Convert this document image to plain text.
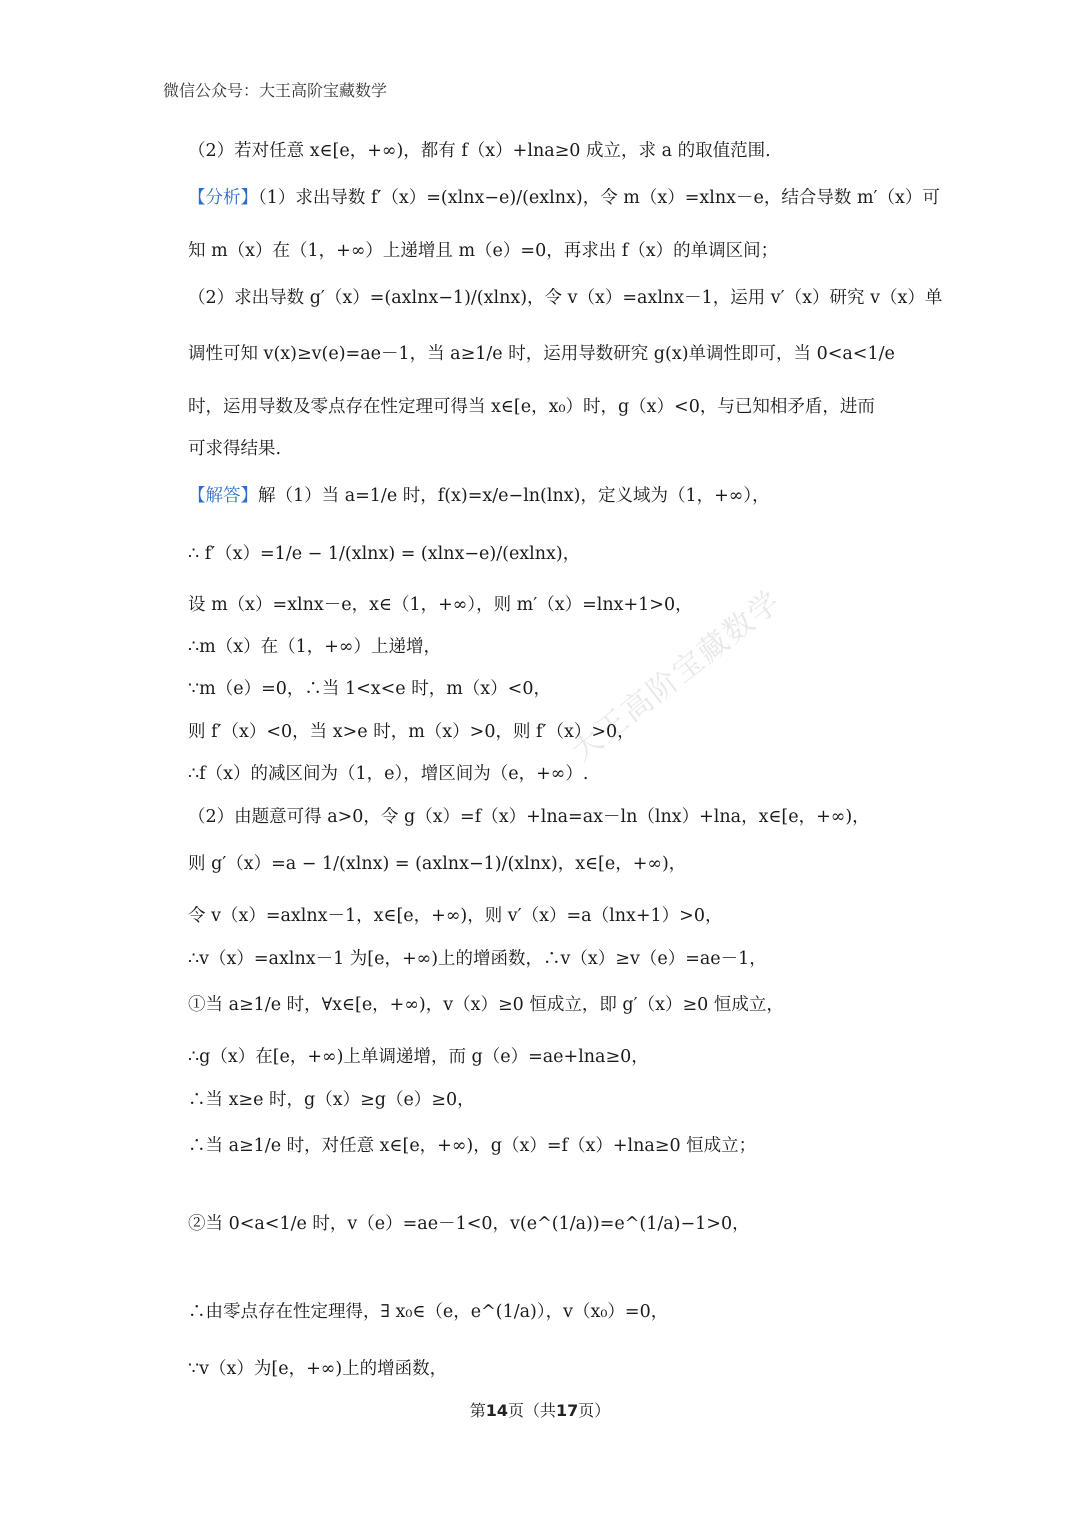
微信公众号：大王高阶宝藏数学
大王高阶宝藏数学
（2）若对任意 x∈[e，+∞)，都有 f（x）+lna≥0 成立，求 a 的取值范围.
【分析】（1）求出导数 f′（x）=(xlnx−e)/(exlnx)，令 m（x）=xlnx－e，结合导数 m′（x）可
知 m（x）在（1，+∞）上递增且 m（e）=0，再求出 f（x）的单调区间；
（2）求出导数 g′（x）=(axlnx−1)/(xlnx)，令 v（x）=axlnx－1，运用 v′（x）研究 v（x）单
调性可知 v(x)≥v(e)=ae－1，当 a≥1/e 时，运用导数研究 g(x)单调性即可，当 0<a<1/e
时，运用导数及零点存在性定理可得当 x∈[e，x₀）时，g（x）<0，与已知相矛盾，进而
可求得结果.
【解答】解（1）当 a=1/e 时，f(x)=x/e−ln(lnx)，定义域为（1，+∞），
∴ f′（x）=1/e − 1/(xlnx) = (xlnx−e)/(exlnx)，
设 m（x）=xlnx－e，x∈（1，+∞），则 m′（x）=lnx+1>0，
∴m（x）在（1，+∞）上递增，
∵m（e）=0，∴当 1<x<e 时，m（x）<0，
则 f′（x）<0，当 x>e 时，m（x）>0，则 f′（x）>0，
∴f（x）的减区间为（1，e），增区间为（e，+∞）.
（2）由题意可得 a>0，令 g（x）=f（x）+lna=ax－ln（lnx）+lna，x∈[e，+∞)，
则 g′（x）=a − 1/(xlnx) = (axlnx−1)/(xlnx)，x∈[e，+∞)，
令 v（x）=axlnx－1，x∈[e，+∞)，则 v′（x）=a（lnx+1）>0，
∴v（x）=axlnx－1 为[e，+∞)上的增函数，∴v（x）≥v（e）=ae－1，
①当 a≥1/e 时，∀x∈[e，+∞)，v（x）≥0 恒成立，即 g′（x）≥0 恒成立，
∴g（x）在[e，+∞)上单调递增，而 g（e）=ae+lna≥0，
∴当 x≥e 时，g（x）≥g（e）≥0，
∴当 a≥1/e 时，对任意 x∈[e，+∞)，g（x）=f（x）+lna≥0 恒成立；
②当 0<a<1/e 时，v（e）=ae－1<0，v(e^(1/a))=e^(1/a)−1>0，
∴由零点存在性定理得，∃ x₀∈（e，e^(1/a)），v（x₀）=0，
∵v（x）为[e，+∞)上的增函数，
第14页（共17页）
